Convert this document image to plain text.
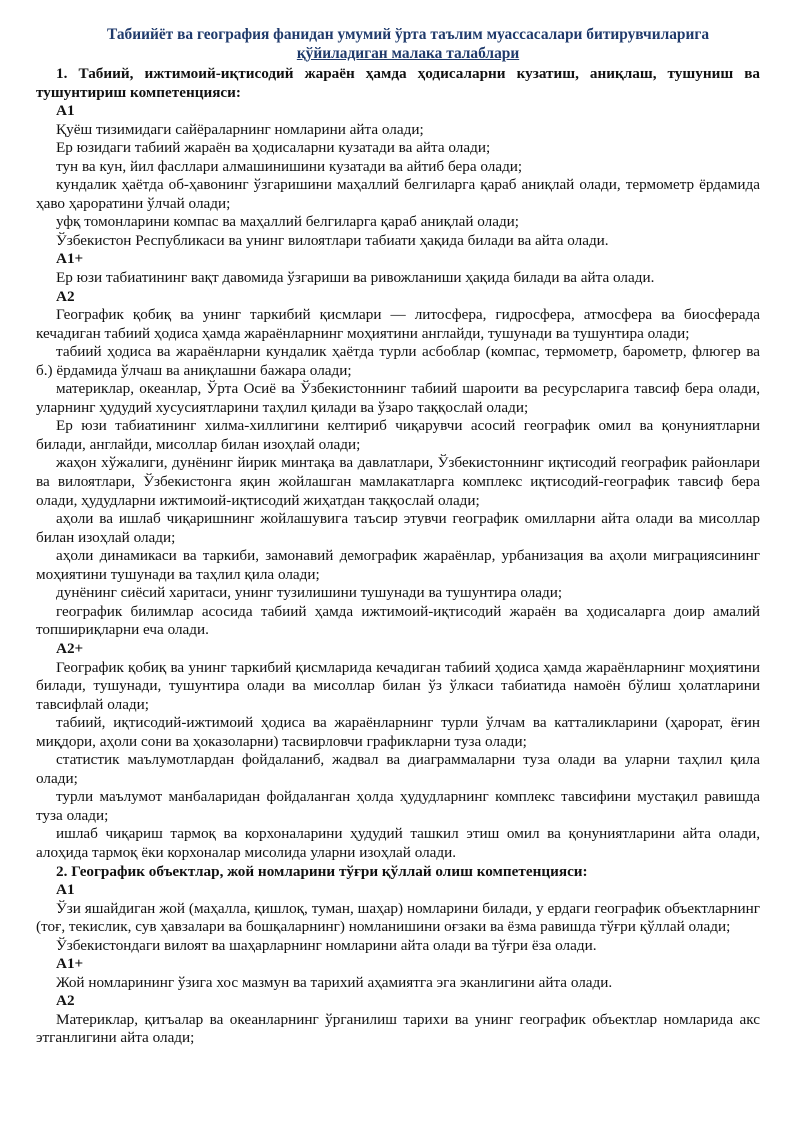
Табиийёт ва география фанидан умумий ўрта таълим муассасалари битирувчиларига
қўйиладиган малака талаблари

1. Табиий, ижтимоий-иқтисодий жараён ҳамда ҳодисаларни кузатиш, аниқлаш, тушуниш ва тушунтириш компетенцияси:

А1

Қуёш тизимидаги сайёраларнинг номларини айта олади;

Ер юзидаги табиий жараён ва ҳодисаларни кузатади ва айта олади;

тун ва кун, йил фасллари алмашинишини кузатади ва айтиб бера олади;

кундалик ҳаётда об-ҳавонинг ўзгаришини маҳаллий белгиларга қараб аниқлай олади, термометр ёрдамида ҳаво ҳароратини ўлчай олади;

уфқ томонларини компас ва маҳаллий белгиларга қараб аниқлай олади;

Ўзбекистон Республикаси ва унинг вилоятлари табиати ҳақида билади ва айта олади.

А1+

Ер юзи табиатининг вақт давомида ўзгариши ва ривожланиши ҳақида билади ва айта олади.

А2

Географик қобиқ ва унинг таркибий қисмлари — литосфера, гидросфера, атмосфера ва биосферада кечадиган табиий ҳодиса ҳамда жараёнларнинг моҳиятини англайди, тушунади ва тушунтира олади;

табиий ҳодиса ва жараёнларни кундалик ҳаётда турли асбоблар (компас, термометр, барометр, флюгер ва б.) ёрдамида ўлчаш ва аниқлашни бажара олади;

материклар, океанлар, Ўрта Осиё ва Ўзбекистоннинг табиий шароити ва ресурсларига тавсиф бера олади, уларнинг ҳудудий хусусиятларини таҳлил қилади ва ўзаро таққослай олади;

Ер юзи табиатининг хилма-хиллигини келтириб чиқарувчи асосий географик омил ва қонуниятларни билади, англайди, мисоллар билан изоҳлай олади;

жаҳон хўжалиги, дунёнинг йирик минтақа ва давлатлари, Ўзбекистоннинг иқтисодий географик районлари ва вилоятлари, Ўзбекистонга яқин жойлашган мамлакатларга комплекс иқтисодий-географик тавсиф бера олади, ҳудудларни ижтимоий-иқтисодий жиҳатдан таққослай олади;

аҳоли ва ишлаб чиқаришнинг жойлашувига таъсир этувчи географик омилларни айта олади ва мисоллар билан изоҳлай олади;

аҳоли динамикаси ва таркиби, замонавий демографик жараёнлар, урбанизация ва аҳоли миграциясининг моҳиятини тушунади ва таҳлил қила олади;

дунёнинг сиёсий харитаси, унинг тузилишини тушунади ва тушунтира олади;

географик билимлар асосида табиий ҳамда ижтимоий-иқтисодий жараён ва ҳодисаларга доир амалий топшириқларни еча олади.

А2+

Географик қобиқ ва унинг таркибий қисмларида кечадиган табиий ҳодиса ҳамда жараёнларнинг моҳиятини билади, тушунади, тушунтира олади ва мисоллар билан ўз ўлкаси табиатида намоён бўлиш ҳолатларини тавсифлай олади;

табиий, иқтисодий-ижтимоий ҳодиса ва жараёнларнинг турли ўлчам ва катталикларини (ҳарорат, ёғин миқдори, аҳоли сони ва ҳоказоларни) тасвирловчи графикларни туза олади;

статистик маълумотлардан фойдаланиб, жадвал ва диаграммаларни туза олади ва уларни таҳлил қила олади;

турли маълумот манбаларидан фойдаланган ҳолда ҳудудларнинг комплекс тавсифини мустақил равишда туза олади;

ишлаб чиқариш тармоқ ва корхоналарини ҳудудий ташкил этиш омил ва қонуниятларини айта олади, алоҳида тармоқ ёки корхоналар мисолида уларни изоҳлай олади.

2. Географик объектлар, жой номларини тўғри қўллай олиш компетенцияси:

А1

Ўзи яшайдиган жой (маҳалла, қишлоқ, туман, шаҳар) номларини билади, у ердаги географик объектларнинг (тоғ, текислик, сув ҳавзалари ва бошқаларнинг) номланишини оғзаки ва ёзма равишда тўғри қўллай олади;

Ўзбекистондаги вилоят ва шаҳарларнинг номларини айта олади ва тўғри ёза олади.

А1+

Жой номларининг ўзига хос мазмун ва тарихий аҳамиятга эга эканлигини айта олади.

А2

Материклар, қитъалар ва океанларнинг ўрганилиш тарихи ва унинг географик объектлар номларида акс этганлигини айта олади;
